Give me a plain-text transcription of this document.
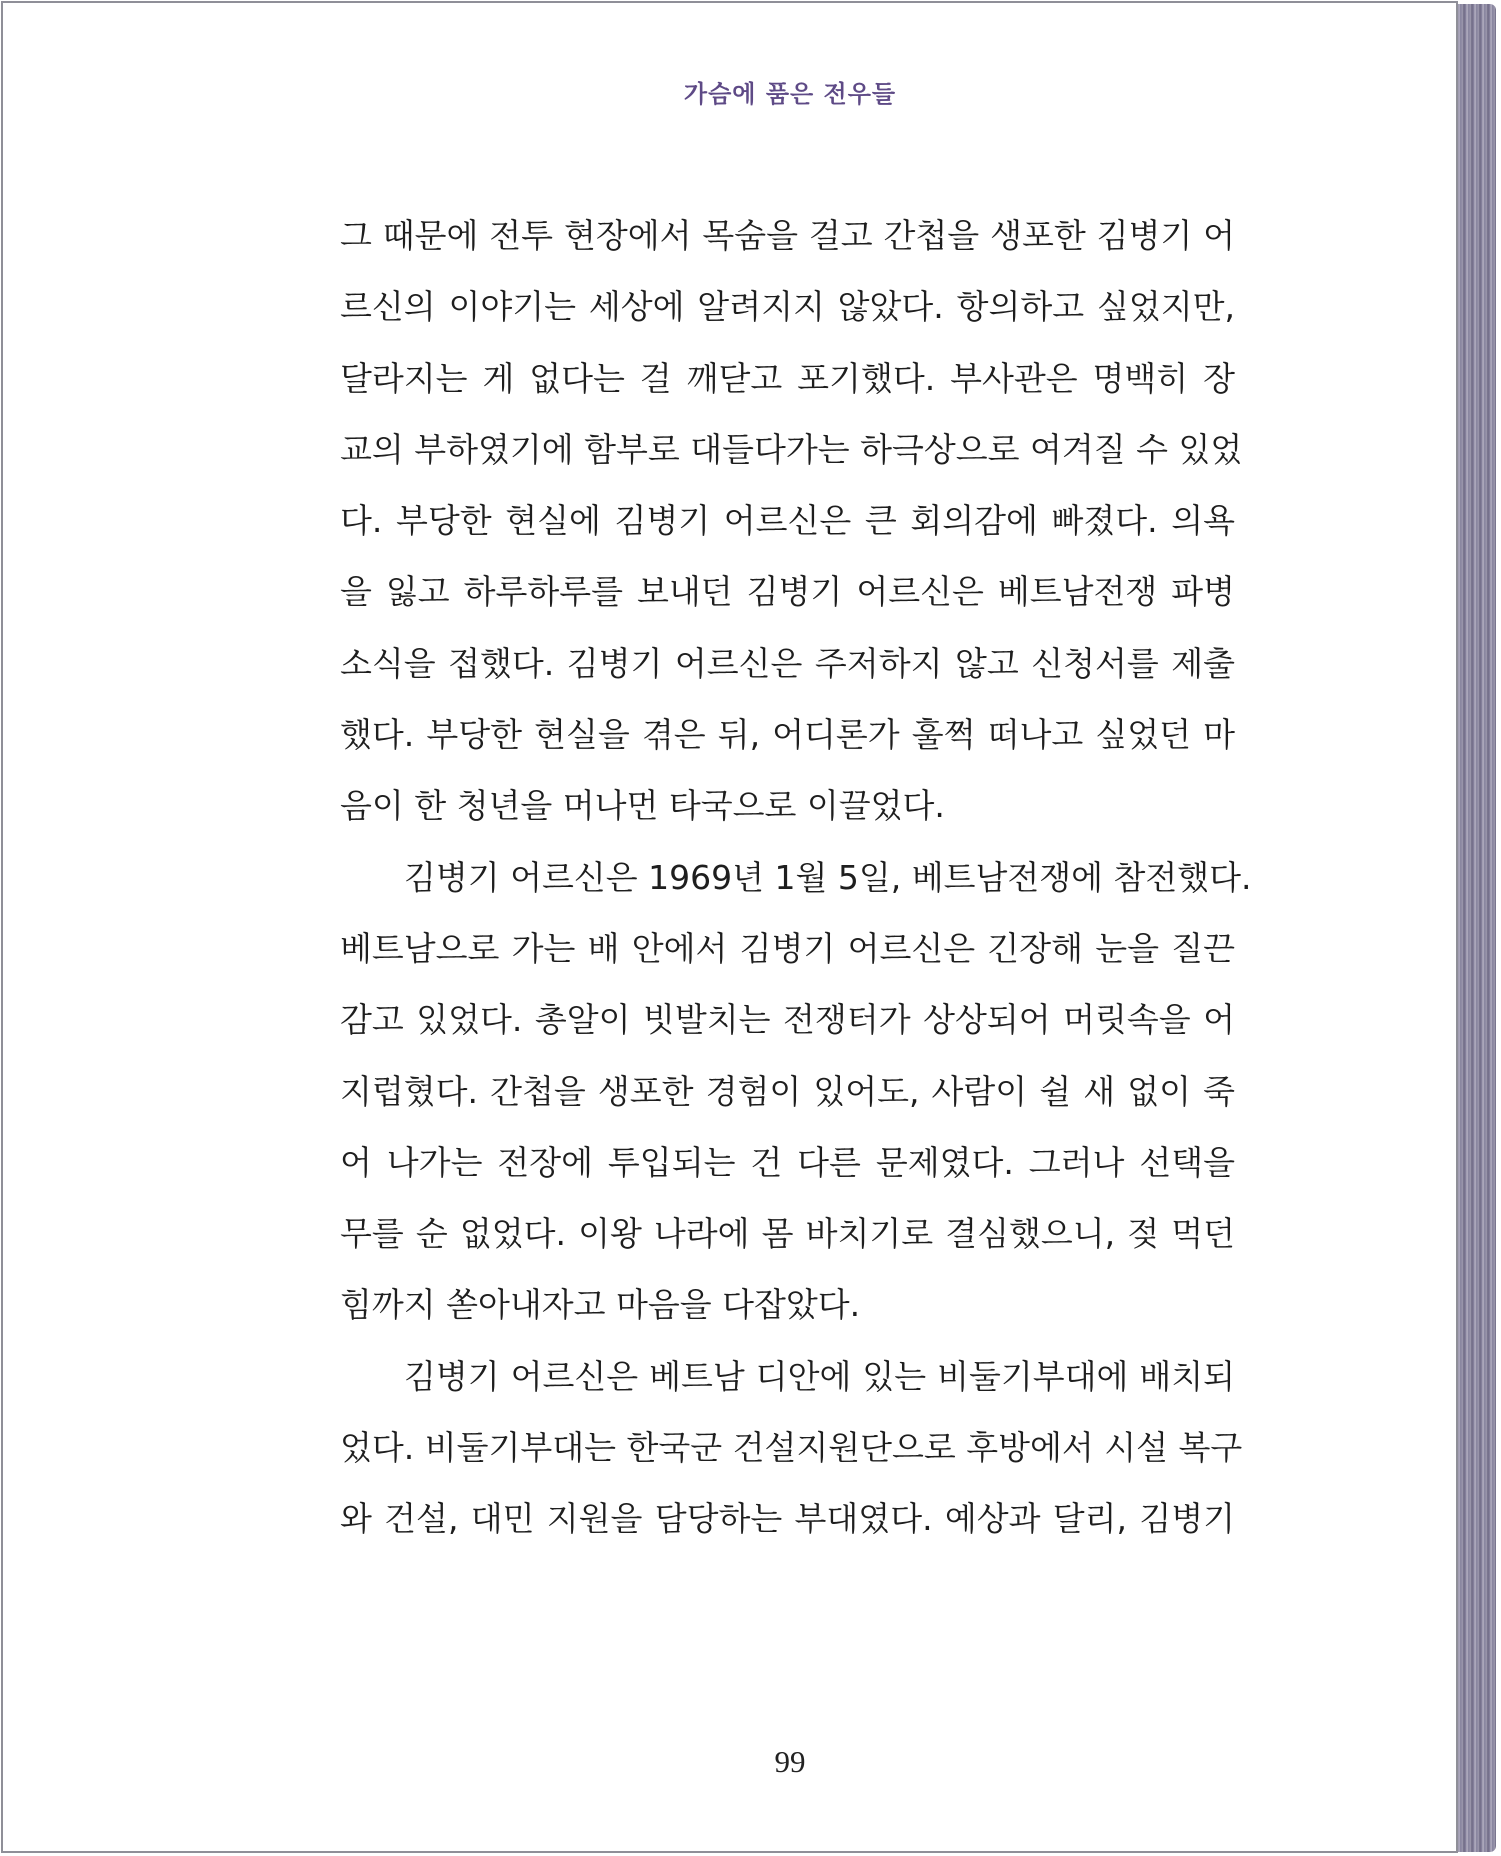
가슴에 품은 전우들
그 때문에 전투 현장에서 목숨을 걸고 간첩을 생포한 김병기 어
르신의 이야기는 세상에 알려지지 않았다. 항의하고 싶었지만,
달라지는 게 없다는 걸 깨닫고 포기했다. 부사관은 명백히 장
교의 부하였기에 함부로 대들다가는 하극상으로 여겨질 수 있었
다. 부당한 현실에 김병기 어르신은 큰 회의감에 빠졌다. 의욕
을 잃고 하루하루를 보내던 김병기 어르신은 베트남전쟁 파병
소식을 접했다. 김병기 어르신은 주저하지 않고 신청서를 제출
했다. 부당한 현실을 겪은 뒤, 어디론가 훌쩍 떠나고 싶었던 마
음이 한 청년을 머나먼 타국으로 이끌었다.
김병기 어르신은 1969년 1월 5일, 베트남전쟁에 참전했다.
베트남으로 가는 배 안에서 김병기 어르신은 긴장해 눈을 질끈
감고 있었다. 총알이 빗발치는 전쟁터가 상상되어 머릿속을 어
지럽혔다. 간첩을 생포한 경험이 있어도, 사람이 쉴 새 없이 죽
어 나가는 전장에 투입되는 건 다른 문제였다. 그러나 선택을
무를 순 없었다. 이왕 나라에 몸 바치기로 결심했으니, 젖 먹던
힘까지 쏟아내자고 마음을 다잡았다.
김병기 어르신은 베트남 디안에 있는 비둘기부대에 배치되
었다. 비둘기부대는 한국군 건설지원단으로 후방에서 시설 복구
와 건설, 대민 지원을 담당하는 부대였다. 예상과 달리, 김병기
99
